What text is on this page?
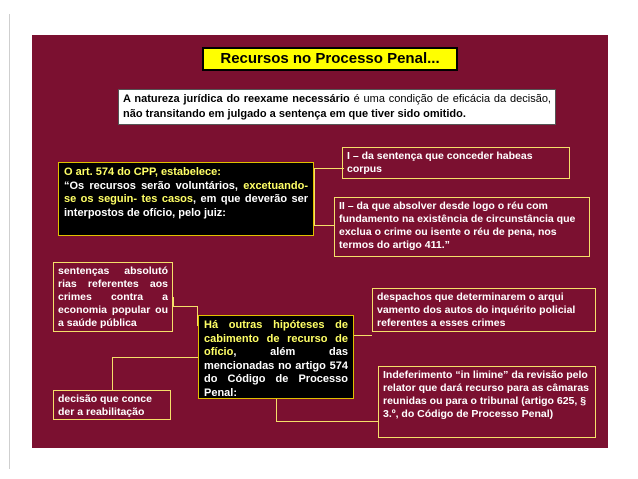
Recursos no Processo Penal...
A natureza jurídica do reexame necessário é uma condição de eficácia da decisão, não transitando em julgado a sentença em que tiver sido omitido.
O art. 574 do CPP, estabelece:
“Os recursos serão voluntários, excetuando-se os seguin- tes casos, em que deverão ser interpostos de ofício, pelo juiz:
I – da sentença que conceder habeas corpus
II – da que absolver desde logo o réu com fundamento na existência de circunstância que exclua o crime ou isente o réu de pena, nos termos do artigo 411.”
sentenças absolutó rias referentes aos crimes contra a economia popular ou a saúde pública	Há outras hipóteses de cabimento de recurso de ofício, além das mencionadas no artigo 574 do Código de Processo Penal:
despachos que determinarem o arqui vamento dos autos do inquérito policial referentes a esses crimes
decisão que conce der a reabilitação
Indeferimento “in limine” da revisão pelo relator que dará recurso para as câmaras reunidas ou para o tribunal (artigo 625, § 3.º, do Código de Processo Penal)
